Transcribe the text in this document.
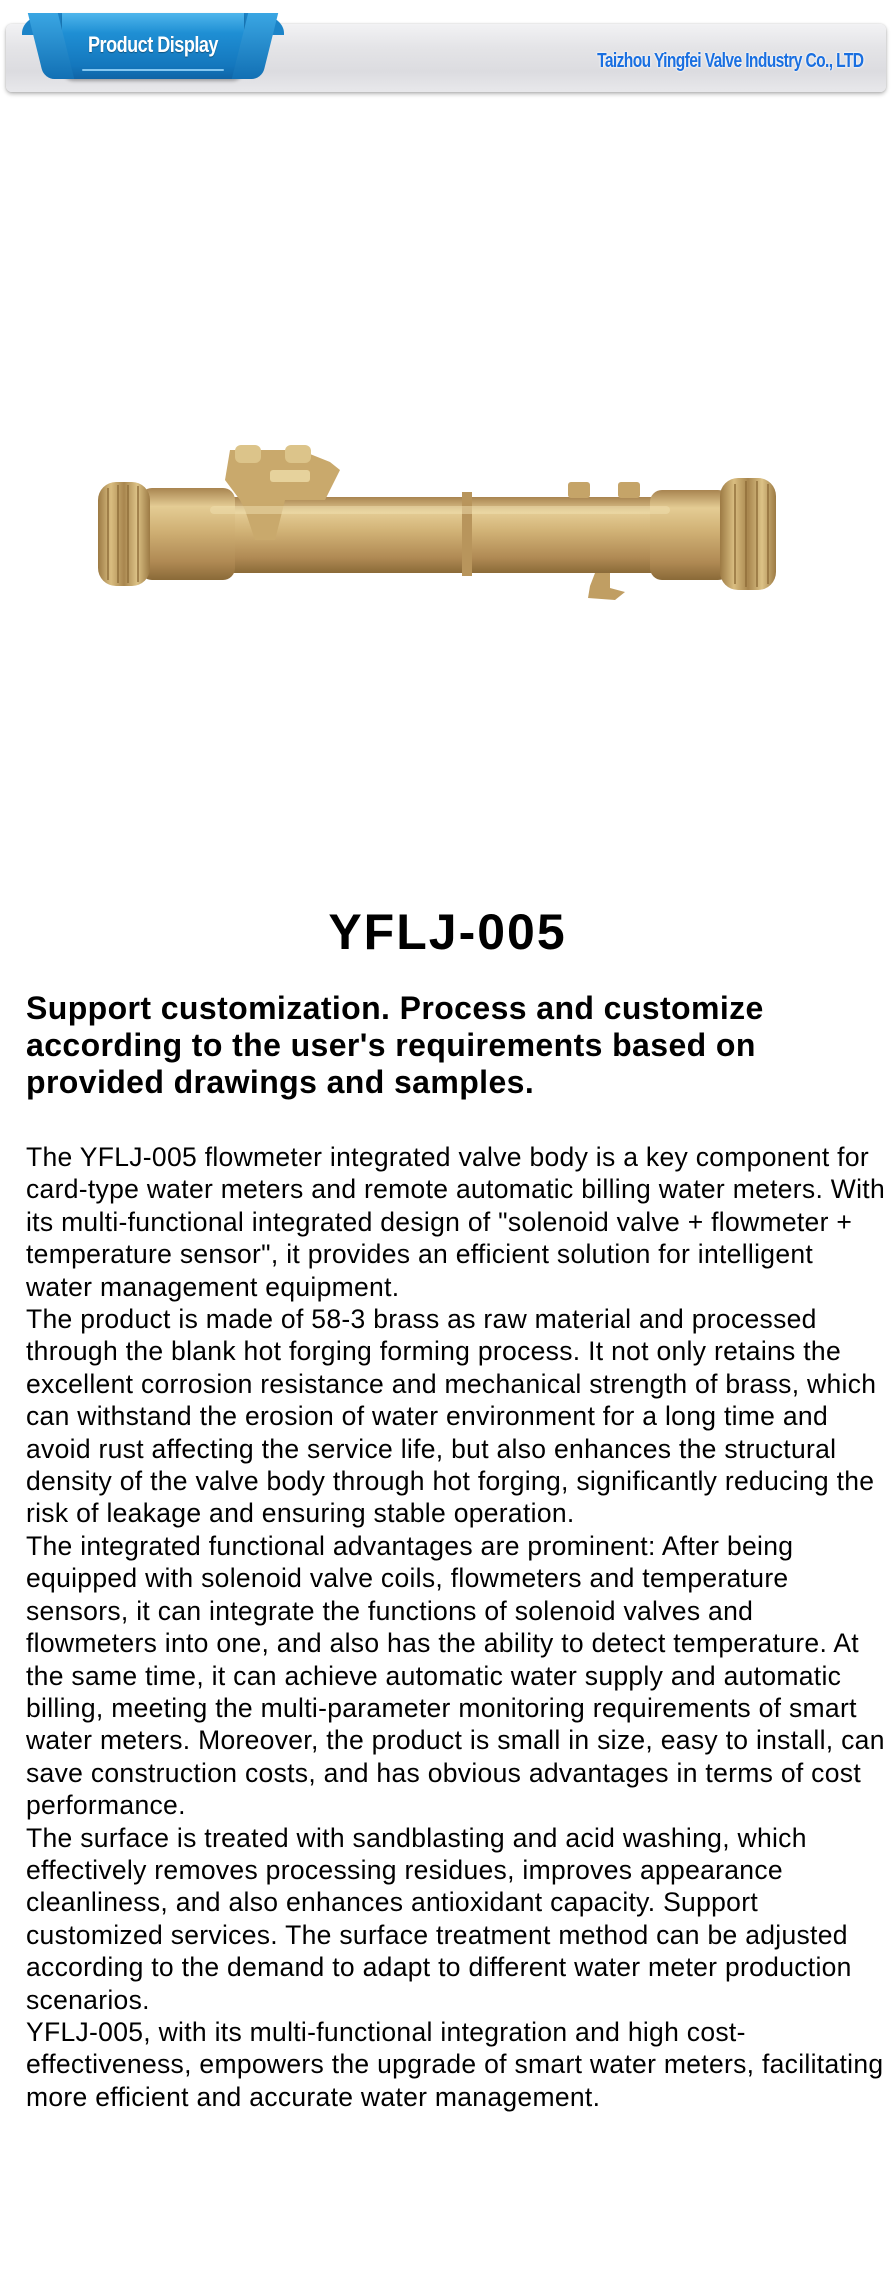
Product Display
Taizhou Yingfei Valve Industry Co., LTD
YFLJ-005
Support customization. Process and customize according to the user's requirements based on provided drawings and samples.

The YFLJ-005 flowmeter integrated valve body is a key component for card-type water meters and remote automatic billing water meters. With its multi-functional integrated design of "solenoid valve + flowmeter + temperature sensor", it provides an efficient solution for intelligent water management equipment.

The product is made of 58-3 brass as raw material and processed through the blank hot forging forming process. It not only retains the excellent corrosion resistance and mechanical strength of brass, which can withstand the erosion of water environment for a long time and avoid rust affecting the service life, but also enhances the structural density of the valve body through hot forging, significantly reducing the risk of leakage and ensuring stable operation.

The integrated functional advantages are prominent: After being equipped with solenoid valve coils, flowmeters and temperature sensors, it can integrate the functions of solenoid valves and flowmeters into one, and also has the ability to detect temperature. At the same time, it can achieve automatic water supply and automatic billing, meeting the multi-parameter monitoring requirements of smart water meters. Moreover, the product is small in size, easy to install, can save construction costs, and has obvious advantages in terms of cost performance.

The surface is treated with sandblasting and acid washing, which effectively removes processing residues, improves appearance cleanliness, and also enhances antioxidant capacity. Support customized services. The surface treatment method can be adjusted according to the demand to adapt to different water meter production scenarios.

YFLJ-005, with its multi-functional integration and high cost-effectiveness, empowers the upgrade of smart water meters, facilitating more efficient and accurate water management.
